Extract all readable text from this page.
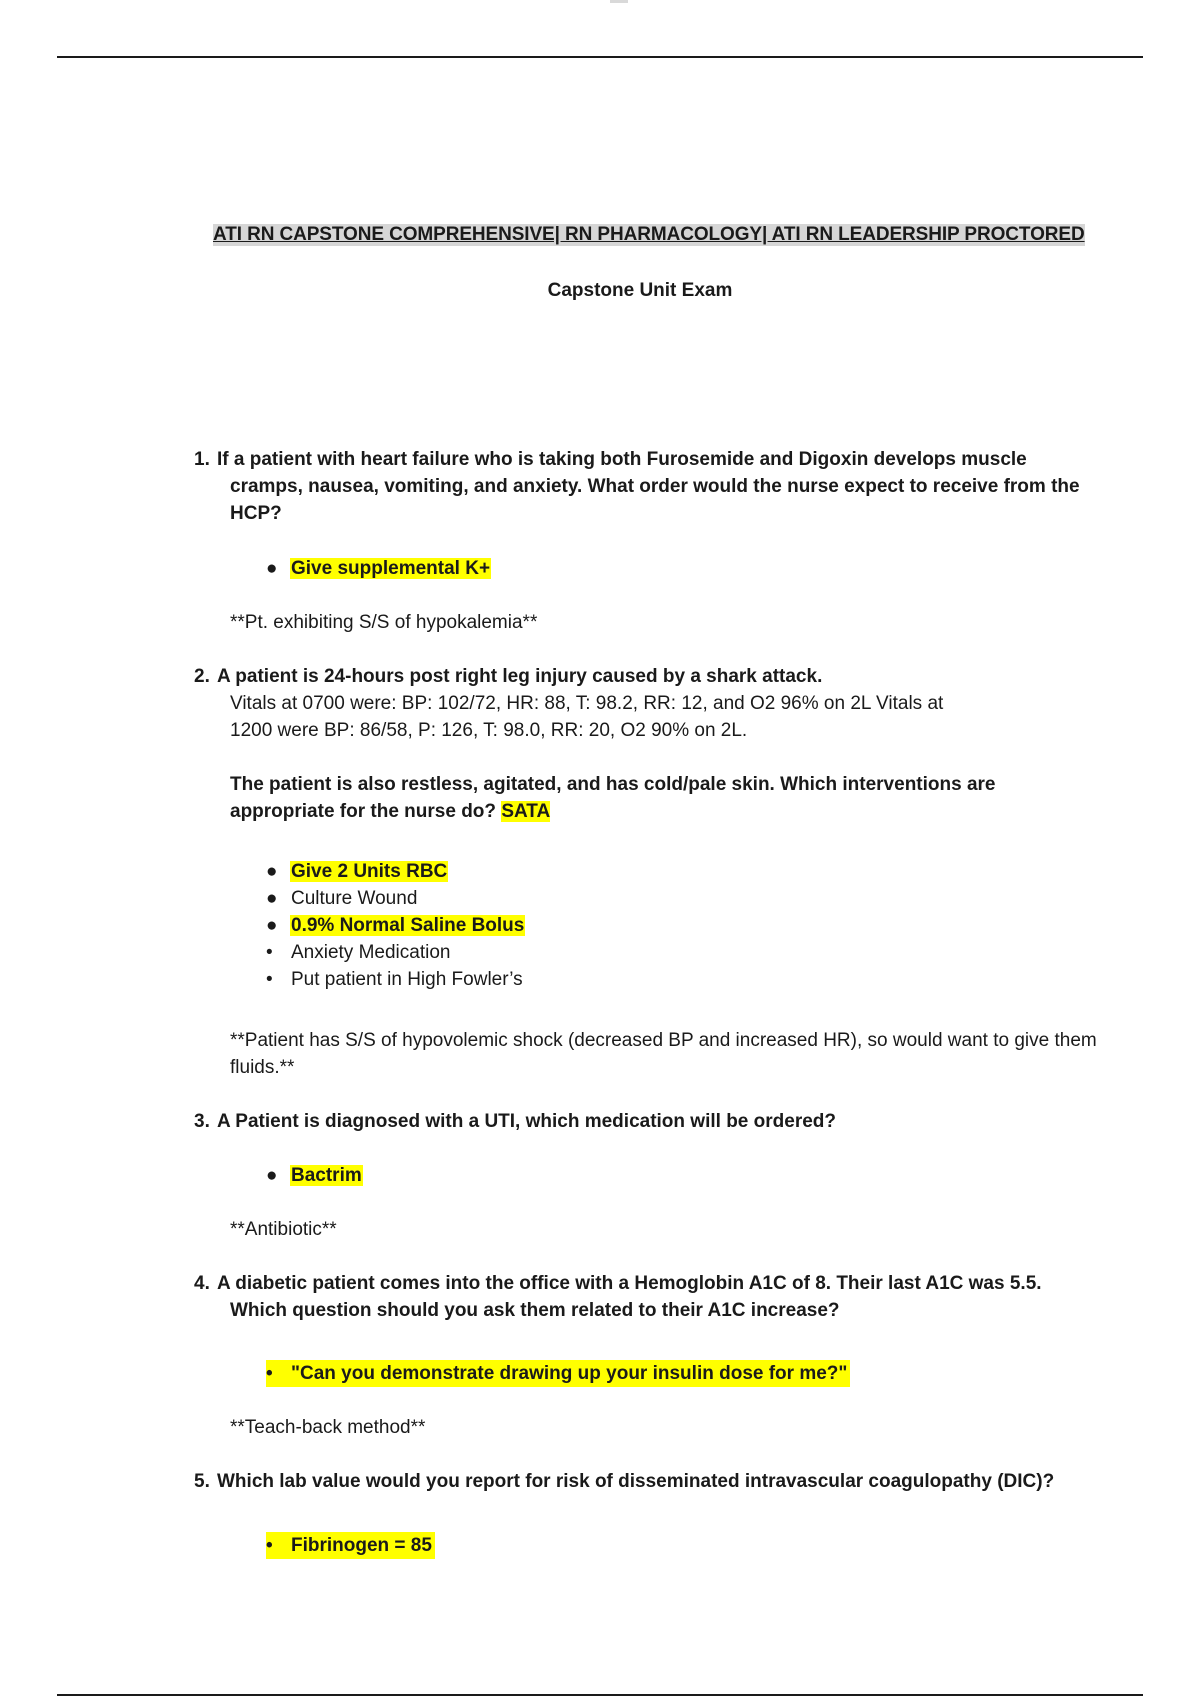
ATI RN CAPSTONE COMPREHENSIVE| RN PHARMACOLOGY| ATI RN LEADERSHIP PROCTORED
Capstone Unit Exam
1. If a patient with heart failure who is taking both Furosemide and Digoxin develops muscle cramps, nausea, vomiting, and anxiety. What order would the nurse expect to receive from the HCP?
● Give supplemental K+
**Pt. exhibiting S/S of hypokalemia**
2. A patient is 24-hours post right leg injury caused by a shark attack.
Vitals at 0700 were: BP: 102/72, HR: 88, T: 98.2, RR: 12, and O2 96% on 2L Vitals at 1200 were BP: 86/58, P: 126, T: 98.0, RR: 20, O2 90% on 2L.
The patient is also restless, agitated, and has cold/pale skin. Which interventions are appropriate for the nurse do? SATA
● Give 2 Units RBC
● Culture Wound
● 0.9% Normal Saline Bolus
• Anxiety Medication
• Put patient in High Fowler’s
**Patient has S/S of hypovolemic shock (decreased BP and increased HR), so would want to give them fluids.**
3. A Patient is diagnosed with a UTI, which medication will be ordered?
● Bactrim
**Antibiotic**
4. A diabetic patient comes into the office with a Hemoglobin A1C of 8. Their last A1C was 5.5. Which question should you ask them related to their A1C increase?
• "Can you demonstrate drawing up your insulin dose for me?"
**Teach-back method**
5. Which lab value would you report for risk of disseminated intravascular coagulopathy (DIC)?
• Fibrinogen = 85
